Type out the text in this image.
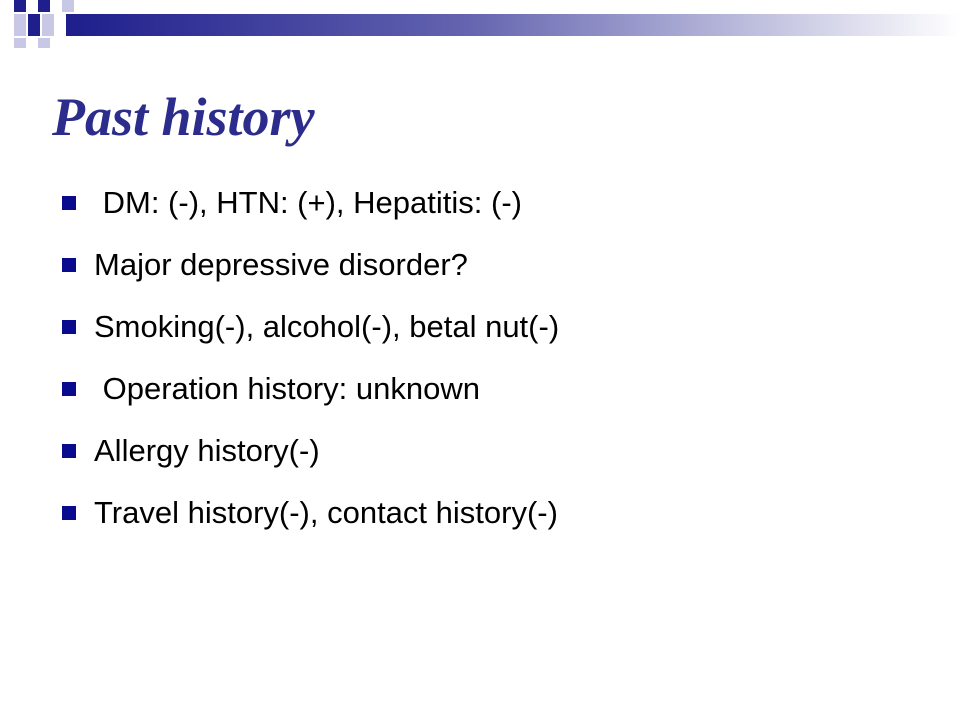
Past history
DM: (-), HTN: (+), Hepatitis: (-)
Major depressive disorder?
Smoking(-), alcohol(-), betal nut(-)
Operation history: unknown
Allergy history(-)
Travel history(-), contact history(-)
